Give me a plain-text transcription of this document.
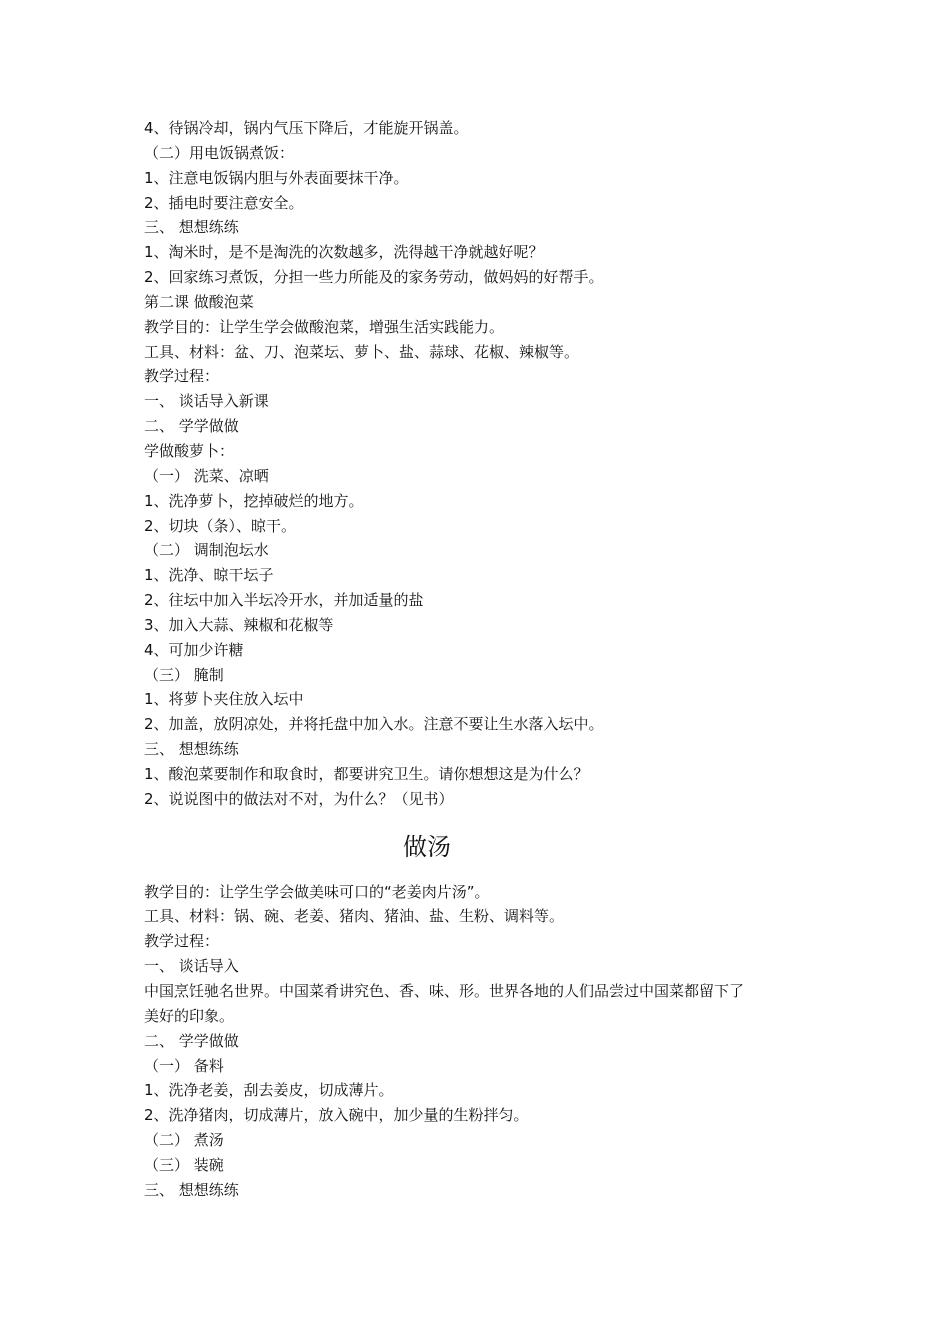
4、待锅冷却，锅内气压下降后，才能旋开锅盖。
（二）用电饭锅煮饭：
1、注意电饭锅内胆与外表面要抹干净。
2、插电时要注意安全。
三、 想想练练
1、淘米时，是不是淘洗的次数越多，洗得越干净就越好呢？
2、回家练习煮饭，分担一些力所能及的家务劳动，做妈妈的好帮手。
第二课 做酸泡菜
教学目的：让学生学会做酸泡菜，增强生活实践能力。
工具、材料：盆、刀、泡菜坛、萝卜、盐、蒜球、花椒、辣椒等。
教学过程：
一、 谈话导入新课
二、 学学做做
学做酸萝卜：
（一） 洗菜、凉晒
1、洗净萝卜，挖掉破烂的地方。
2、切块（条）、晾干。
（二） 调制泡坛水
1、洗净、晾干坛子
2、往坛中加入半坛冷开水，并加适量的盐
3、加入大蒜、辣椒和花椒等
4、可加少许糖
（三） 腌制
1、将萝卜夹住放入坛中
2、加盖，放阴凉处，并将托盘中加入水。注意不要让生水落入坛中。
三、 想想练练
1、酸泡菜要制作和取食时，都要讲究卫生。请你想想这是为什么？
2、说说图中的做法对不对，为什么？（见书）
做汤
教学目的：让学生学会做美味可口的“老姜肉片汤”。
工具、材料：锅、碗、老姜、猪肉、猪油、盐、生粉、调料等。
教学过程：
一、 谈话导入
中国烹饪驰名世界。中国菜肴讲究色、香、味、形。世界各地的人们品尝过中国菜都留下了
美好的印象。
二、 学学做做
（一） 备料
1、洗净老姜，刮去姜皮，切成薄片。
2、洗净猪肉，切成薄片，放入碗中，加少量的生粉拌匀。
（二） 煮汤
（三） 装碗
三、 想想练练
